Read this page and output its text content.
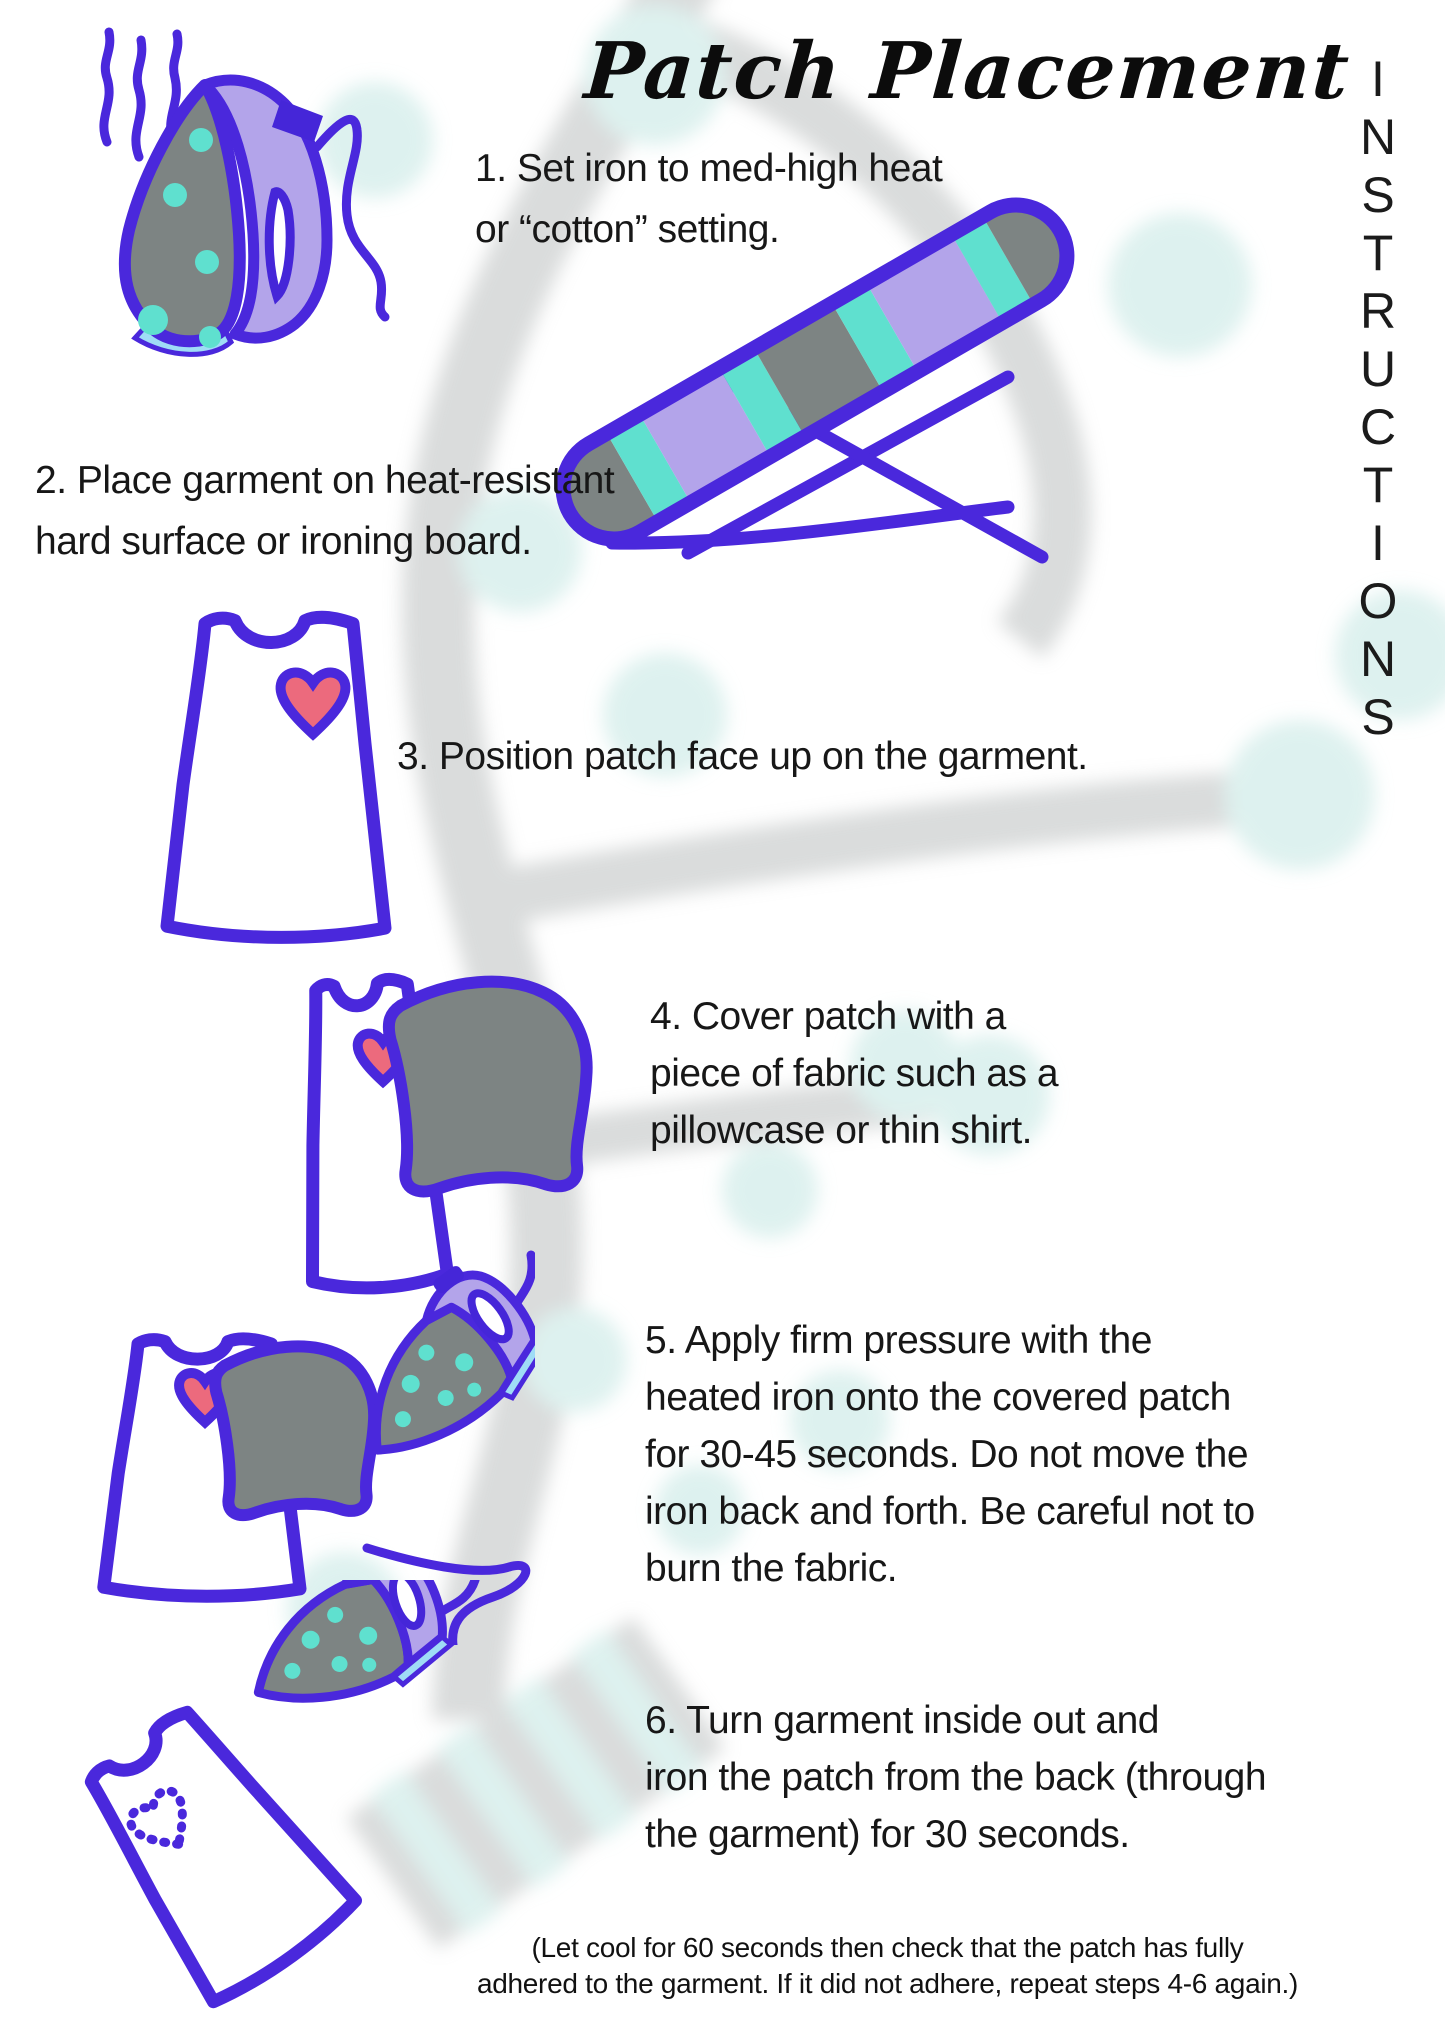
Patch Placement I
N
S
T
R
U
C
T
I
O
N
S
1. Set iron to med-high heat
or “cotton” setting.
2. Place garment on heat-resistant
hard surface or ironing board.
3. Position patch face up on the garment.
4. Cover patch with a
piece of fabric such as a
pillowcase or thin shirt.
5. Apply firm pressure with the
heated iron onto the covered patch
for 30-45 seconds. Do not move the
iron back and forth. Be careful not to
burn the fabric.
6. Turn garment inside out and
iron the patch from the back (through
the garment) for 30 seconds.
(Let cool for 60 seconds then check that the patch has fully
adhered to the garment. If it did not adhere, repeat steps 4-6 again.)
